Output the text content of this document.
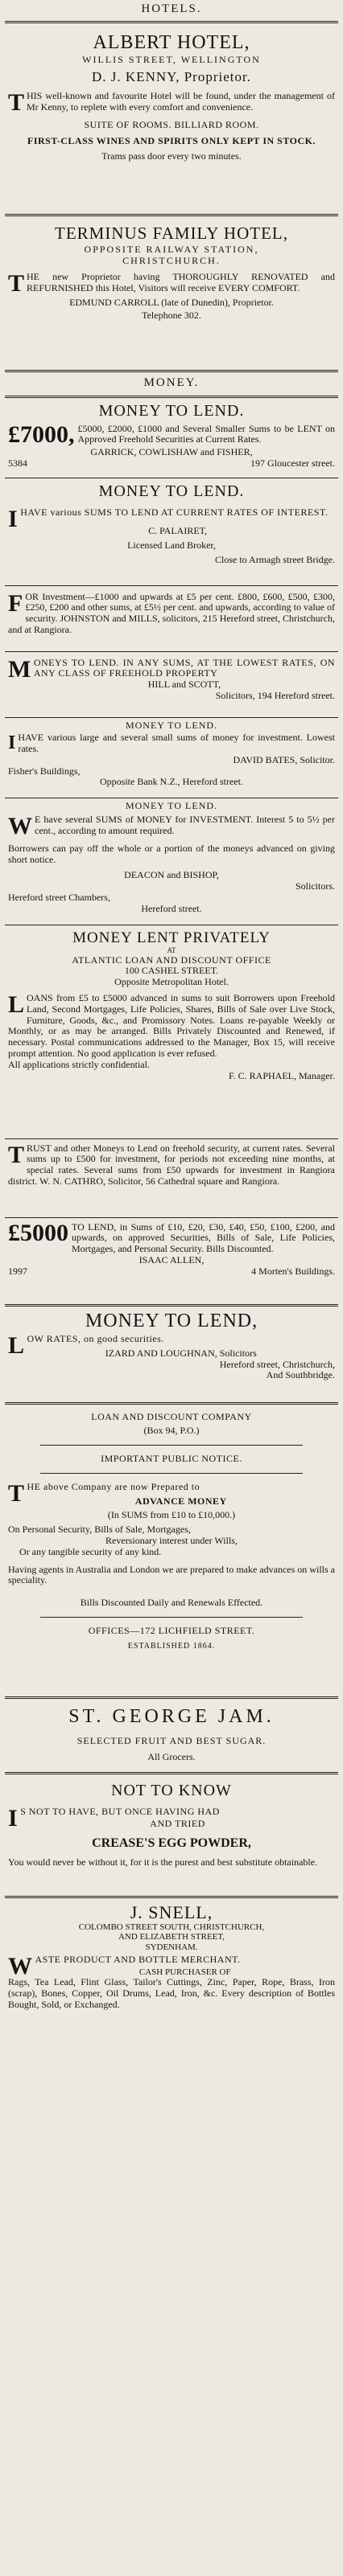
HOTELS.
ALBERT HOTEL,
WILLIS STREET, WELLINGTON
D. J. KENNY, Proprietor.

THIS well-known and favourite Hotel will be found, under the management of Mr Kenny, to replete with every comfort and convenience.

SUITE OF ROOMS. BILLIARD ROOM.
FIRST-CLASS WINES AND SPIRITS ONLY KEPT IN STOCK.
Trams pass door every two minutes.
TERMINUS FAMILY HOTEL,
OPPOSITE RAILWAY STATION,
CHRISTCHURCH.

THE new Proprietor having THOROUGHLY RENOVATED and REFURNISHED this Hotel, Visitors will receive EVERY COMFORT.

EDMUND CARROLL (late of Dunedin), Proprietor.
Telephone 302.
MONEY.
MONEY TO LEND.

£7000, £5000, £2000, £1000 and Several Smaller Sums to be LENT on Approved Freehold Securities at Current Rates.

GARRICK, COWLISHAW and FISHER,
5384	197 Gloucester street.
MONEY TO LEND.

IHAVE various SUMS TO LEND AT CURRENT RATES OF INTEREST.

C. PALAIRET,
Licensed Land Broker,
Close to Armagh street Bridge.

FOR Investment—£1000 and upwards at £5 per cent. £800, £600, £500, £300, £250, £200 and other sums, at £5½ per cent. and upwards, according to value of security. JOHNSTON and MILLS, solicitors, 215 Hereford street, Christchurch, and at Rangiora.

MONEYS TO LEND. IN ANY SUMS, AT THE LOWEST RATES, ON ANY CLASS OF FREEHOLD PROPERTY

HILL and SCOTT,
Solicitors, 194 Hereford street.
MONEY TO LEND.

IHAVE various large and several small sums of money for investment. Lowest rates.

DAVID BATES, Solicitor.
Fisher's Buildings,
Opposite Bank N.Z., Hereford street.
MONEY TO LEND.

W E have several SUMS of MONEY for INVESTMENT. Interest 5 to 5½ per cent., according to amount required.

Borrowers can pay off the whole or a portion of the moneys advanced on giving short notice.

DEACON and BISHOP,
Solicitors.
Hereford street Chambers,
Hereford street.
MONEY LENT PRIVATELY
AT
ATLANTIC LOAN AND DISCOUNT OFFICE
100 CASHEL STREET.
Opposite Metropolitan Hotel.

LOANS from £5 to £5000 advanced in sums to suit Borrowers upon Freehold Land, Second Mortgages, Life Policies, Shares, Bills of Sale over Live Stock, Furniture, Goods, &c., and Promissory Notes. Loans re-payable Weekly or Monthly, or as may be arranged. Bills Privately Discounted and Renewed, if necessary. Postal communications addressed to the Manager, Box 15, will receive prompt attention. No good application is ever refused.

All applications strictly confidential.
F. C. RAPHAEL, Manager.

TRUST and other Moneys to Lend on freehold security, at current rates. Several sums up to £500 for investment, for periods not exceeding nine months, at special rates. Several sums from £50 upwards for investment in Rangiora district. W. N. CATHRO, Solicitor, 56 Cathedral square and Rangiora.

£5000 TO LEND, in Sums of £10, £20, £30, £40, £50, £100, £200, and upwards, on approved Securities, Bills of Sale, Life Policies, Mortgages, and Personal Security. Bills Discounted.

ISAAC ALLEN,
1997	4 Morten's Buildings.
MONEY TO LEND,

LOW RATES, on good securities.

IZARD AND LOUGHNAN, Solicitors
Hereford street, Christchurch,
And Southbridge.
LOAN AND DISCOUNT COMPANY
(Box 94, P.O.)
IMPORTANT PUBLIC NOTICE.

THE above Company are now Prepared to

ADVANCE MONEY
(In SUMS from £10 to £10,000.)
On Personal Security, Bills of Sale, Mortgages,
Reversionary interest under Wills,
Or any tangible security of any kind.

Having agents in Australia and London we are prepared to make advances on wills a speciality.

Bills Discounted Daily and Renewals Effected.
OFFICES—172 LICHFIELD STREET.
ESTABLISHED 1864.
ST. GEORGE JAM.
SELECTED FRUIT AND BEST SUGAR.
All Grocers.
NOT TO KNOW

I S NOT TO HAVE, BUT ONCE HAVING HAD

AND TRIED
CREASE'S EGG POWDER,

You would never be without it, for it is the purest and best substitute obtainable.

J. SNELL,
COLOMBO STREET SOUTH, CHRISTCHURCH,
AND ELIZABETH STREET,
SYDENHAM.

WASTE PRODUCT AND BOTTLE MERCHANT.

CASH PURCHASER OF

Rags, Tea Lead, Flint Glass, Tailor's Cuttings, Zinc, Paper, Rope, Brass, Iron (scrap), Bones, Copper, Oil Drums, Lead, Iron, &c. Every description of Bottles Bought, Sold, or Exchanged.
